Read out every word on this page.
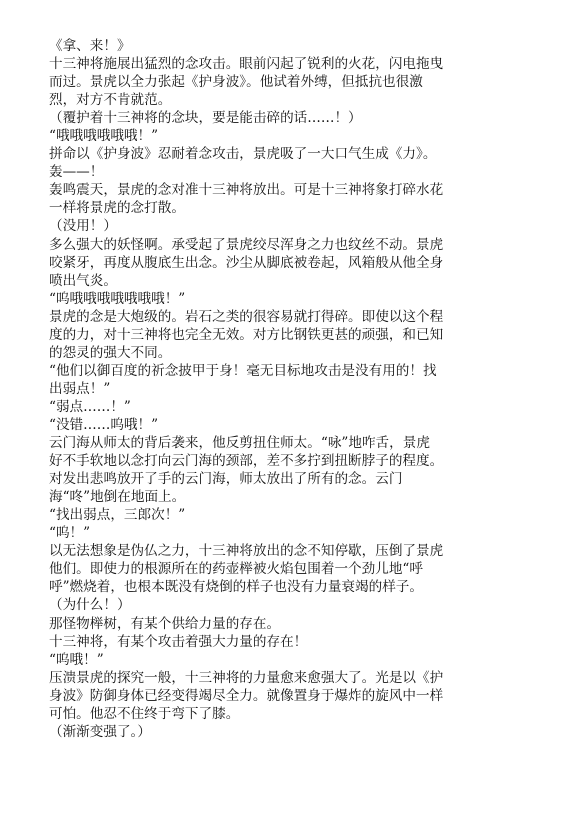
《拿、来！》
十三神将施展出猛烈的念攻击。眼前闪起了锐利的火花，闪电拖曳
而过。景虎以全力张起《护身波》。他试着外缚，但抵抗也很激
烈，对方不肯就范。
（覆护着十三神将的念块，要是能击碎的话……！）
“哦哦哦哦哦哦！”
拼命以《护身波》忍耐着念攻击，景虎吸了一大口气生成《力》。
轰——！
轰鸣震天，景虎的念对准十三神将放出。可是十三神将象打碎水花
一样将景虎的念打散。
（没用！）
多么强大的妖怪啊。承受起了景虎绞尽浑身之力也纹丝不动。景虎
咬紧牙，再度从腹底生出念。沙尘从脚底被卷起，风箱般从他全身
喷出气炎。
“呜哦哦哦哦哦哦哦！”
景虎的念是大炮级的。岩石之类的很容易就打得碎。即使以这个程
度的力，对十三神将也完全无效。对方比钢铁更甚的顽强，和已知
的怨灵的强大不同。
“他们以御百度的祈念披甲于身！毫无目标地攻击是没有用的！找
出弱点！”
“弱点……！”
“没错……呜哦！”
云门海从师太的背后袭来，他反剪扭住师太。“咏”地咋舌，景虎
好不手软地以念打向云门海的颈部，差不多拧到扭断脖子的程度。
对发出悲鸣放开了手的云门海，师太放出了所有的念。云门
海“咚”地倒在地面上。
“找出弱点，三郎次！”
“呜！”
以无法想象是伪仏之力，十三神将放出的念不知停歇，压倒了景虎
他们。即使力的根源所在的药壶榉被火焰包围着一个劲儿地“呼
呼”燃烧着，也根本既没有烧倒的样子也没有力量衰竭的样子。
（为什么！）
那怪物榉树，有某个供给力量的存在。
十三神将，有某个攻击着强大力量的存在！
“呜哦！”
压溃景虎的探究一般，十三神将的力量愈来愈强大了。光是以《护
身波》防御身体已经变得竭尽全力。就像置身于爆炸的旋风中一样
可怕。他忍不住终于弯下了膝。
（渐渐变强了。）
